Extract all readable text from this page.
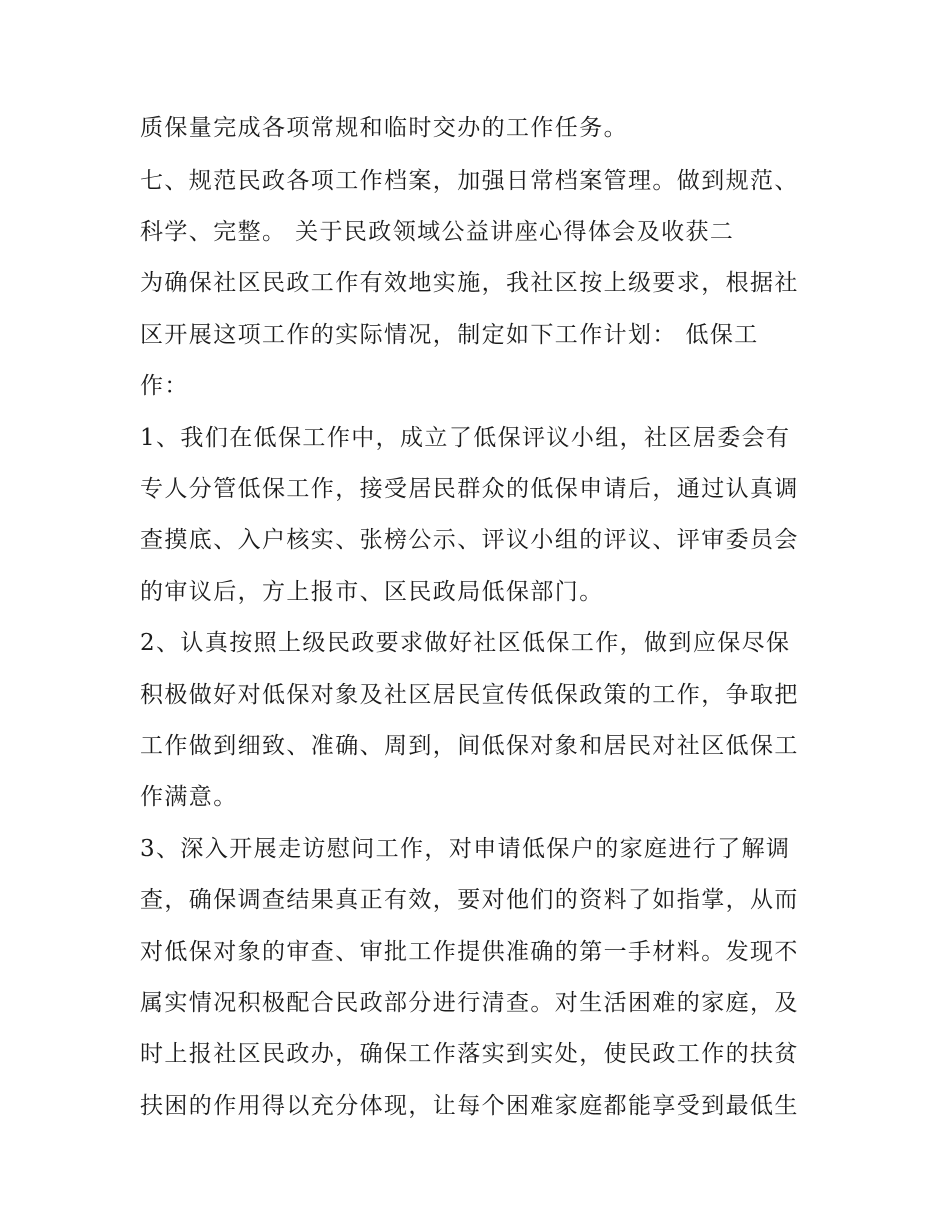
质保量完成各项常规和临时交办的工作任务。
七、规范民政各项工作档案，加强日常档案管理。做到规范、
科学、完整。 关于民政领域公益讲座心得体会及收获二
为确保社区民政工作有效地实施，我社区按上级要求，根据社
区开展这项工作的实际情况，制定如下工作计划： 低保工
作：
1、我们在低保工作中，成立了低保评议小组，社区居委会有
专人分管低保工作，接受居民群众的低保申请后，通过认真调
查摸底、入户核实、张榜公示、评议小组的评议、评审委员会
的审议后，方上报市、区民政局低保部门。
2、认真按照上级民政要求做好社区低保工作，做到应保尽保
积极做好对低保对象及社区居民宣传低保政策的工作，争取把
工作做到细致、准确、周到，间低保对象和居民对社区低保工
作满意。
3、深入开展走访慰问工作，对申请低保户的家庭进行了解调
查，确保调查结果真正有效，要对他们的资料了如指掌，从而
对低保对象的审查、审批工作提供准确的第一手材料。发现不
属实情况积极配合民政部分进行清查。对生活困难的家庭，及
时上报社区民政办，确保工作落实到实处，使民政工作的扶贫
扶困的作用得以充分体现，让每个困难家庭都能享受到最低生
